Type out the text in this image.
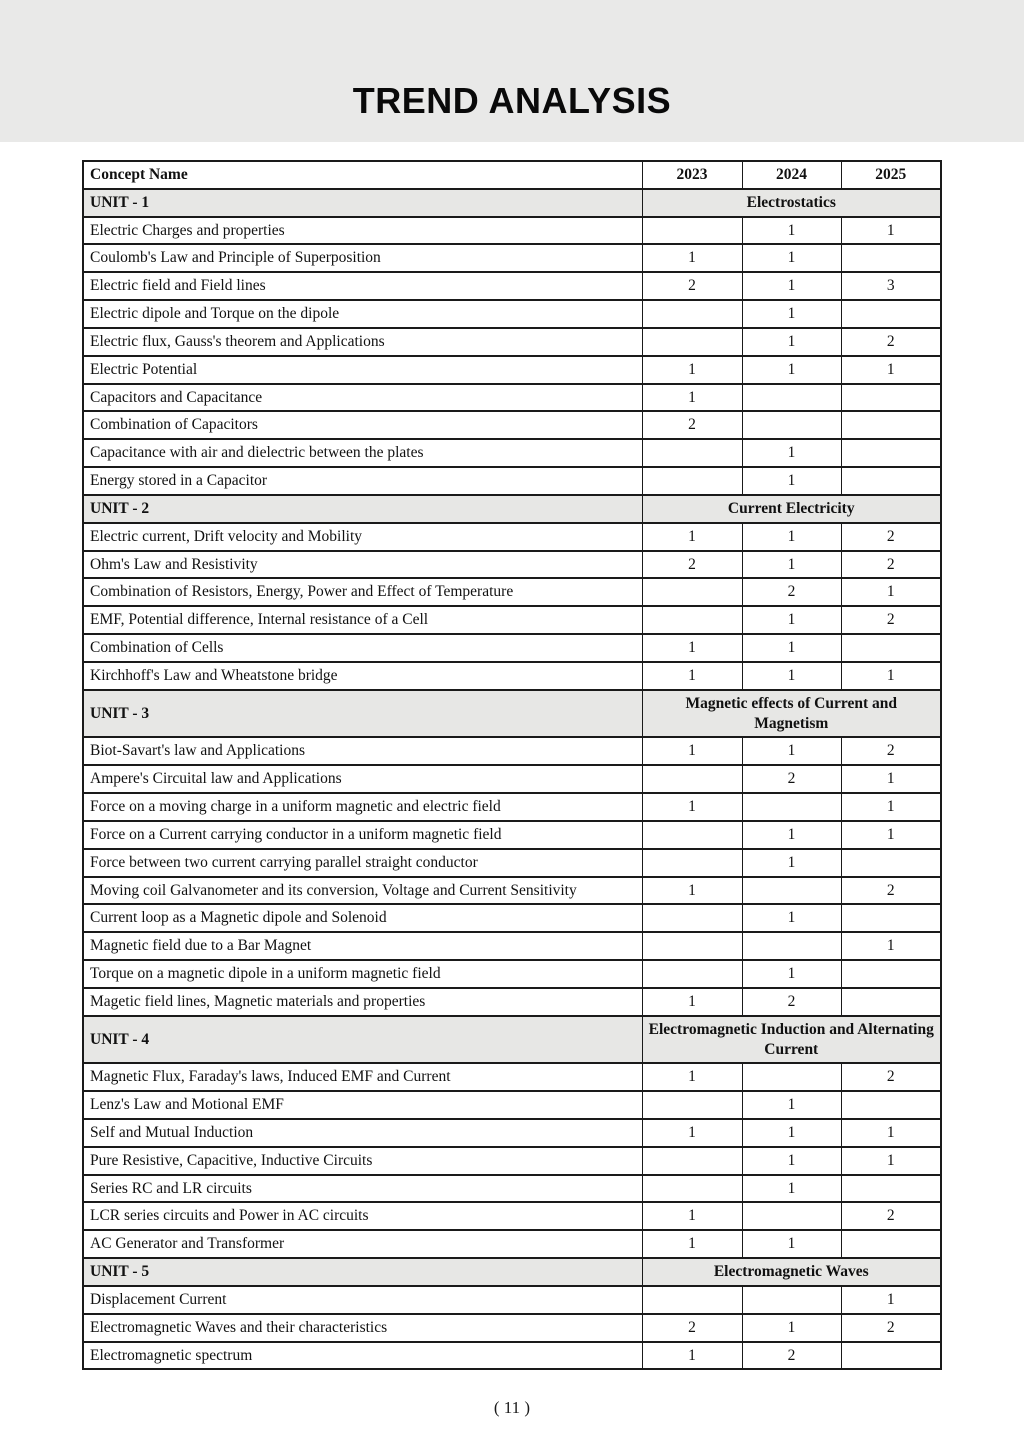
TREND ANALYSIS
Concept Name	2023	2024	2025
UNIT - 1	Electrostatics		
Electric Charges and properties		1	1
Coulomb's Law and Principle of Superposition	1	1	
Electric field and Field lines	2	1	3
Electric dipole and Torque on the dipole		1	
Electric flux, Gauss's theorem and Applications		1	2
Electric Potential	1	1	1
Capacitors and Capacitance	1		
Combination of Capacitors	2		
Capacitance with air and dielectric between the plates		1	
Energy stored in a Capacitor		1	
UNIT - 2	Current Electricity		
Electric current, Drift velocity and Mobility	1	1	2
Ohm's Law and Resistivity	2	1	2
Combination of Resistors, Energy, Power and Effect of Temperature		2	1
EMF, Potential difference, Internal resistance of a Cell		1	2
Combination of Cells	1	1	
Kirchhoff's Law and Wheatstone bridge	1	1	1
UNIT - 3	Magnetic effects of Current and Magnetism		
Biot-Savart's law and Applications	1	1	2
Ampere's Circuital law and Applications		2	1
Force on a moving charge in a uniform magnetic and electric field	1		1
Force on a Current carrying conductor in a uniform magnetic field		1	1
Force between two current carrying parallel straight conductor		1	
Moving coil Galvanometer and its conversion, Voltage and Current Sensitivity	1		2
Current loop as a Magnetic dipole and Solenoid		1	
Magnetic field due to a Bar Magnet			1
Torque on a magnetic dipole in a uniform magnetic field		1	
Magetic field lines, Magnetic materials and properties	1	2	
UNIT - 4	Electromagnetic Induction and Alternating Current		
Magnetic Flux, Faraday's laws, Induced EMF and Current	1		2
Lenz's Law and Motional EMF		1	
Self and Mutual Induction	1	1	1
Pure Resistive, Capacitive, Inductive Circuits		1	1
Series RC and LR circuits		1	
LCR series circuits and Power in AC circuits	1		2
AC Generator and Transformer	1	1	
UNIT - 5	Electromagnetic Waves		
Displacement Current			1
Electromagnetic Waves and their characteristics	2	1	2
Electromagnetic spectrum	1	2	
( 11 )
